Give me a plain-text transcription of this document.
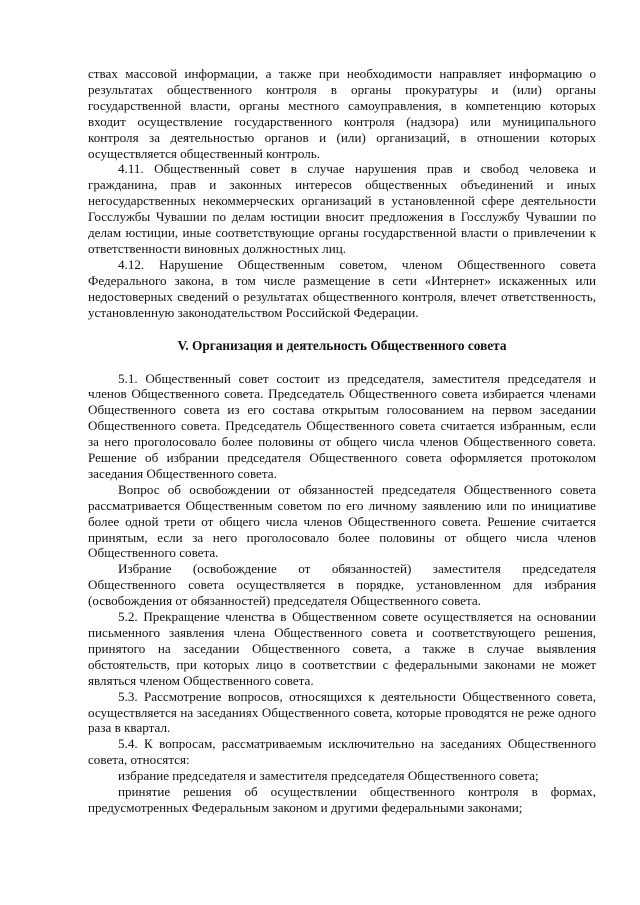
ствах массовой информации, а также при необходимости направляет информацию о результатах общественного контроля в органы прокуратуры и (или) органы государственной власти, органы местного самоуправления, в компетенцию которых входит осуществление государственного контроля (надзора) или муниципального контроля за деятельностью органов и (или) организаций, в отношении которых осуществляется общественный контроль.

4.11. Общественный совет в случае нарушения прав и свобод человека и гражданина, прав и законных интересов общественных объединений и иных негосударственных некоммерческих организаций в установленной сфере деятельности Госслужбы Чувашии по делам юстиции вносит предложения в Госслужбу Чувашии по делам юстиции, иные соответствующие органы государственной власти о привлечении к ответственности виновных должностных лиц.

4.12. Нарушение Общественным советом, членом Общественного совета Федерального закона, в том числе размещение в сети «Интернет» искаженных или недостоверных сведений о результатах общественного контроля, влечет ответственность, установленную законодательством Российской Федерации.

V. Организация и деятельность Общественного совета

5.1. Общественный совет состоит из председателя, заместителя председателя и членов Общественного совета. Председатель Общественного совета избирается членами Общественного совета из его состава открытым голосованием на первом заседании Общественного совета. Председатель Общественного совета считается избранным, если за него проголосовало более половины от общего числа членов Общественного совета. Решение об избрании председателя Общественного совета оформляется протоколом заседания Общественного совета.

Вопрос об освобождении от обязанностей председателя Общественного совета рассматривается Общественным советом по его личному заявлению или по инициативе более одной трети от общего числа членов Общественного совета. Решение считается принятым, если за него проголосовало более половины от общего числа членов Общественного совета.

Избрание (освобождение от обязанностей) заместителя председателя Общественного совета осуществляется в порядке, установленном для избрания (освобождения от обязанностей) председателя Общественного совета.

5.2. Прекращение членства в Общественном совете осуществляется на основании письменного заявления члена Общественного совета и соответствующего решения, принятого на заседании Общественного совета, а также в случае выявления обстоятельств, при которых лицо в соответствии с федеральными законами не может являться членом Общественного совета.

5.3. Рассмотрение вопросов, относящихся к деятельности Общественного совета, осуществляется на заседаниях Общественного совета, которые проводятся не реже одного раза в квартал.

5.4. К вопросам, рассматриваемым исключительно на заседаниях Общественного совета, относятся:

избрание председателя и заместителя председателя Общественного совета;

принятие решения об осуществлении общественного контроля в формах, предусмотренных Федеральным законом и другими федеральными законами;
